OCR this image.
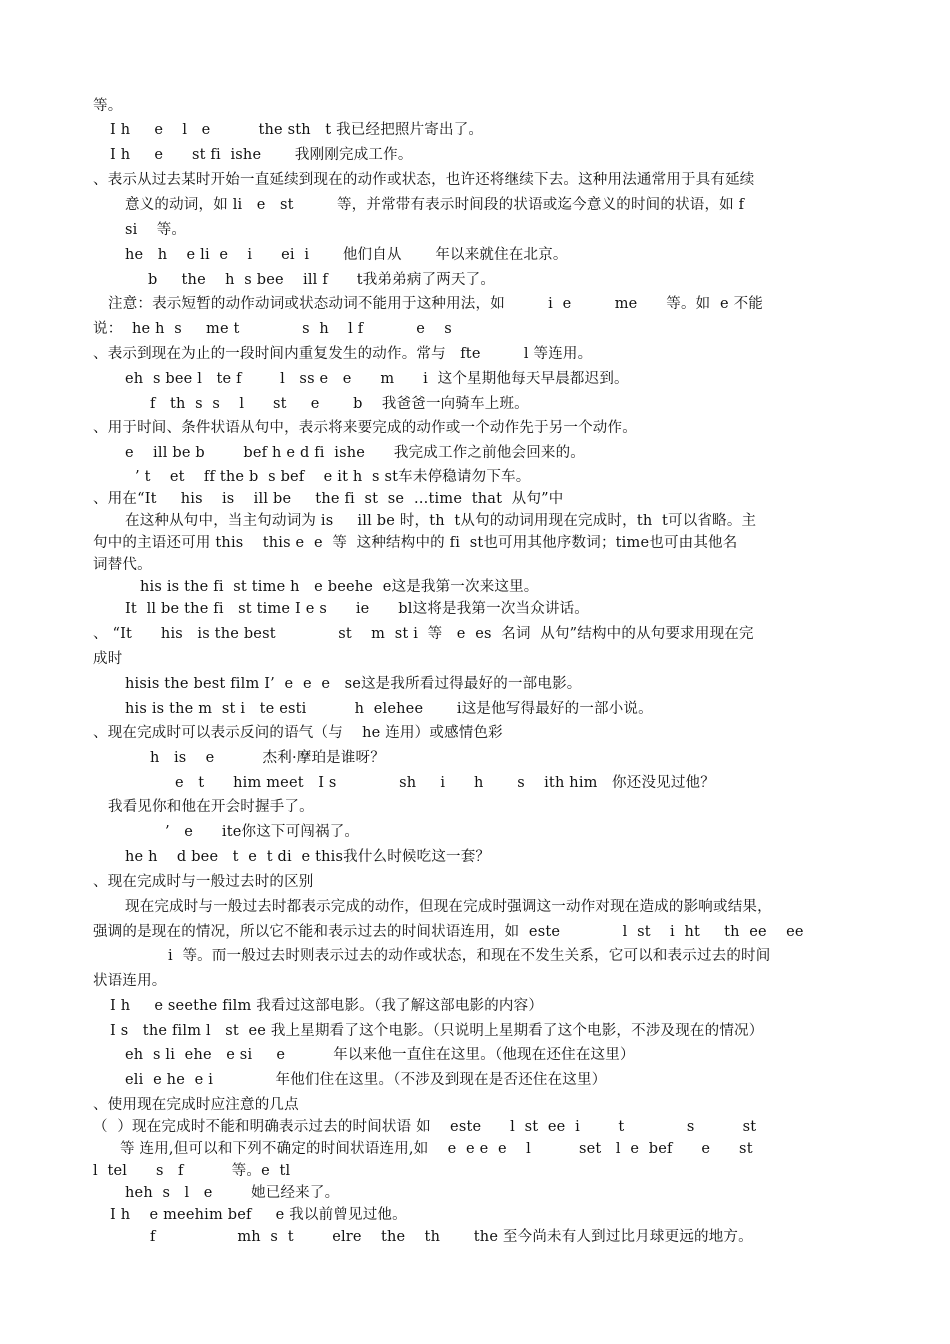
等。
I h     e    l   e          the sth   t 我已经把照片寄出了。
I h     e      st fi  ishe       我刚刚完成工作。
、表示从过去某时开始一直延续到现在的动作或状态，也许还将继续下去。这种用法通常用于具有延续
意义的动词，如 li   e   st         等，并常带有表示时间段的状语或迄今意义的时间的状语，如 f
si    等。
he   h    e li  e    i      ei  i       他们自从       年以来就住在北京。
b     the    h  s bee    ill f      t我弟弟病了两天了。
注意：表示短暂的动作动词或状态动词不能用于这种用法，如         i  e         me      等。如  e 不能
说：  he h  s     me t             s  h    l f           e    s
、表示到现在为止的一段时间内重复发生的动作。常与   fte         l 等连用。
eh  s bee l   te f        l   ss e   e      m      i  这个星期他每天早晨都迟到。
f   th  s  s    l      st     e       b    我爸爸一向骑车上班。
、用于时间、条件状语从句中，表示将来要完成的动作或一个动作先于另一个动作。
e    ill be b        bef h e d fi  ishe      我完成工作之前他会回来的。
’ t    et    ff the b  s bef    e it h  s st车未停稳请勿下车。
、用在“It     his    is    ill be     the fi  st  se  …time  that  从句”中
在这种从句中，当主句动词为 is     ill be 时，th  t从句的动词用现在完成时，th  t可以省略。主
句中的主语还可用 this    this e  e  等  这种结构中的 fi  st也可用其他序数词；time也可由其他名
词替代。
his is the fi  st time h   e beehe  e这是我第一次来这里。
It  ll be the fi   st time I e s      ie      bl这将是我第一次当众讲话。
、 “It      his   is the best             st    m  st i  等   e  es  名词  从句”结构中的从句要求用现在完
成时
hisis the best film I’  e  e  e   se这是我所看过得最好的一部电影。
his is the m  st i   te esti          h  elehee       i这是他写得最好的一部小说。
、现在完成时可以表示反问的语气（与    he 连用）或感情色彩
h   is    e          杰利·摩珀是谁呀？
e   t      him meet   I s             sh     i      h       s    ith him   你还没见过他？
我看见你和他在开会时握手了。
’   e      ite你这下可闯祸了。
he h    d bee   t  e  t di  e this我什么时候吃这一套？
、现在完成时与一般过去时的区别
现在完成时与一般过去时都表示完成的动作，但现在完成时强调这一动作对现在造成的影响或结果，
强调的是现在的情况，所以它不能和表示过去的时间状语连用，如  este             l  st    i  ht     th  ee    ee
i  等。而一般过去时则表示过去的动作或状态，和现在不发生关系，它可以和表示过去的时间
状语连用。
I h     e seethe film 我看过这部电影。（我了解这部电影的内容）
I s   the film l   st  ee 我上星期看了这个电影。（只说明上星期看了这个电影，不涉及现在的情况）
eh  s li  ehe   e si     e          年以来他一直住在这里。（他现在还住在这里）
eli  e he  e i             年他们住在这里。（不涉及到现在是否还住在这里）
、使用现在完成时应注意的几点
（  ）现在完成时不能和明确表示过去的时间状语 如    este      l  st  ee  i        t             s          st
等 连用,但可以和下列不确定的时间状语连用,如    e  e e  e    l          set   l  e  bef      e      st
l  tel      s   f          等。e  tl
heh  s   l   e        她已经来了。
I h    e meehim bef     e 我以前曾见过他。
f                 mh  s  t        elre    the    th       the 至今尚未有人到过比月球更远的地方。
